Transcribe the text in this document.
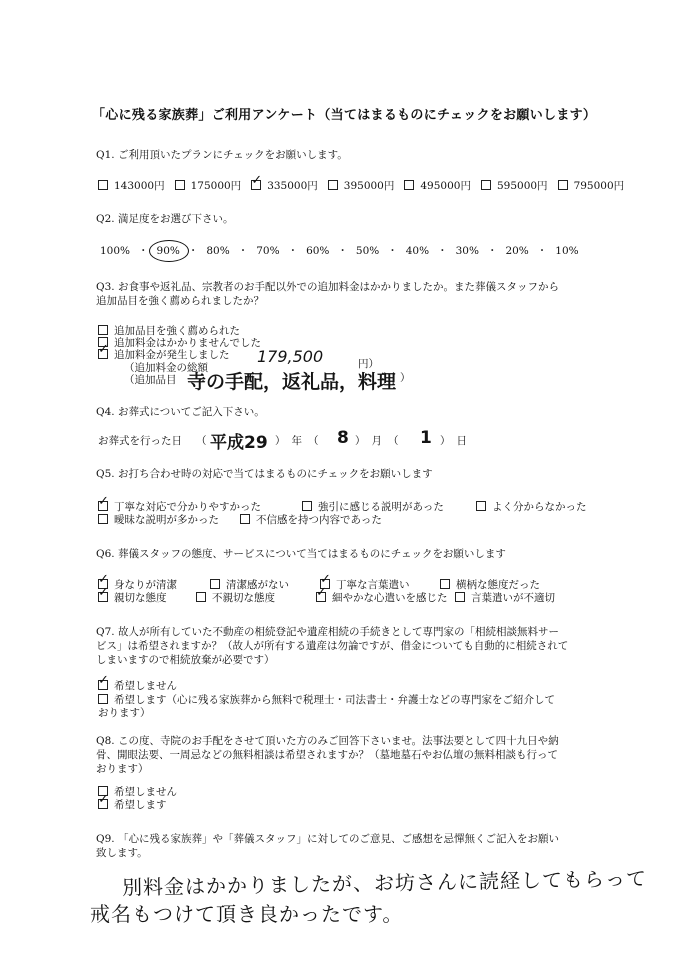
「心に残る家族葬」ご利用アンケート（当てはまるものにチェックをお願いします）
Q1. ご利用頂いたプランにチェックをお願いします。
143000円 175000円 ✓ 335000円 395000円 495000円 595000円 795000円
Q2. 満足度をお選び下さい。
100% ・ 90% ・ 80% ・ 70% ・ 60% ・ 50% ・ 40% ・ 30% ・ 20% ・ 10%
Q3. お食事や返礼品、宗教者のお手配以外での追加料金はかかりましたか。また葬儀スタッフから
追加品目を強く薦められましたか？
追加品目を強く薦められた
追加料金はかかりませんでした
✓追加料金が発生しました
（追加料金の総額
179,500	円）
（追加品目 寺の手配，返礼品，料理 ）
Q4. お葬式についてご記入下さい。
お葬式を行った日 （ 平成29 ）年（ 8 ）月（ 1 ）日
Q5. お打ち合わせ時の対応で当てはまるものにチェックをお願いします
✓丁寧な対応で分かりやすかった	強引に感じる説明があった	よく分からなかった
曖昧な説明が多かった	不信感を持つ内容であった
Q6. 葬儀スタッフの態度、サービスについて当てはまるものにチェックをお願いします
✓身なりが清潔	清潔感がない ✓	丁寧な言葉遣い	横柄な態度だった
✓親切な態度	不親切な態度 ✓	細やかな心遣いを感じた	言葉遣いが不適切
Q7. 故人が所有していた不動産の相続登記や遺産相続の手続きとして専門家の「相続相談無料サー
ビス」は希望されますか？（故人が所有する遺産は勿論ですが、借金についても自動的に相続されて
しまいますので相続放棄が必要です）
✓希望しません
希望します（心に残る家族葬から無料で税理士・司法書士・弁護士などの専門家をご紹介して
おります）
Q8. この度、寺院のお手配をさせて頂いた方のみご回答下さいませ。法事法要として四十九日や納
骨、開眼法要、一周忌などの無料相談は希望されますか？（墓地墓石やお仏壇の無料相談も行って
おります）
希望しません
✓希望します
Q9. 「心に残る家族葬」や「葬儀スタッフ」に対してのご意見、ご感想を忌憚無くご記入をお願い
致します。
別料金はかかりましたが、お坊さんに読経してもらって
戒名もつけて頂き良かったです。
